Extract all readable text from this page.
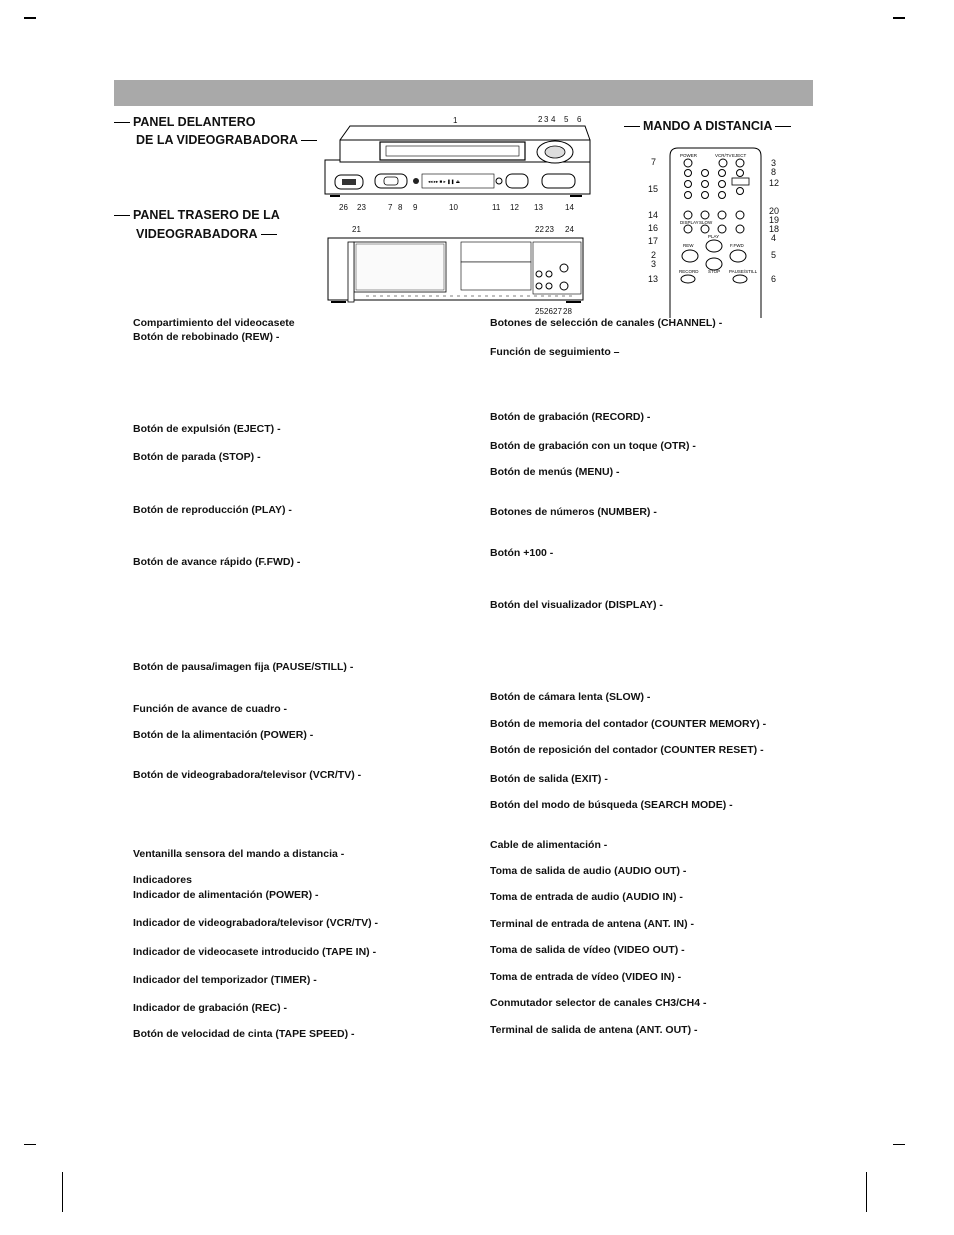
PANEL DELANTERO
DE LA VIDEOGRABADORA
PANEL TRASERO DE LA
VIDEOGRABADORA
MANDO A DISTANCIA
◂◂ ▸▸ ■ ▸ ❚❚ ⏏
1	2 3 4 5 6
26 23	7 8 9	10	11 12 13	14
21	22 23 24
25 26 27 28
POWER	VCR/TV EJECT
DISPLAY SLOW
REW
PLAY
F.FWD
STOP
RECORD	PAUSE/STILL
7
15
14
16
17
2
3
13
3
8
12
20
19
18
4
5
6
Compartimiento del videocasete
Botón de rebobinado (REW) -
Botón de expulsión (EJECT) -
Botón de parada (STOP) -
Botón de reproducción (PLAY) -
Botón de avance rápido (F.FWD) -
Botón de pausa/imagen fija (PAUSE/STILL) -
Función de avance de cuadro -
Botón de la alimentación (POWER) -
Botón de videograbadora/televisor (VCR/TV) -
Ventanilla sensora del mando a distancia -
Indicadores
Indicador de alimentación (POWER) -
Indicador de videograbadora/televisor (VCR/TV) -
Indicador de videocasete introducido (TAPE IN) -
Indicador del temporizador (TIMER) -
Indicador de grabación (REC) -
Botón de velocidad de cinta (TAPE SPEED) -
Botones de selección de canales (CHANNEL) -
Función de seguimiento –
Botón de grabación (RECORD) -
Botón de grabación con un toque (OTR) -
Botón de menús (MENU) -
Botones de números (NUMBER) -
Botón +100 -
Botón del visualizador (DISPLAY) -
Botón de cámara lenta (SLOW) -
Botón de memoria del contador (COUNTER MEMORY) -
Botón de reposición del contador (COUNTER RESET) -
Botón de salida (EXIT) -
Botón del modo de búsqueda (SEARCH MODE) -
Cable de alimentación -
Toma de salida de audio (AUDIO OUT) -
Toma de entrada de audio (AUDIO IN) -
Terminal de entrada de antena (ANT. IN) -
Toma de salida de vídeo (VIDEO OUT) -
Toma de entrada de vídeo (VIDEO IN) -
Conmutador selector de canales CH3/CH4 -
Terminal de salida de antena (ANT. OUT) -
